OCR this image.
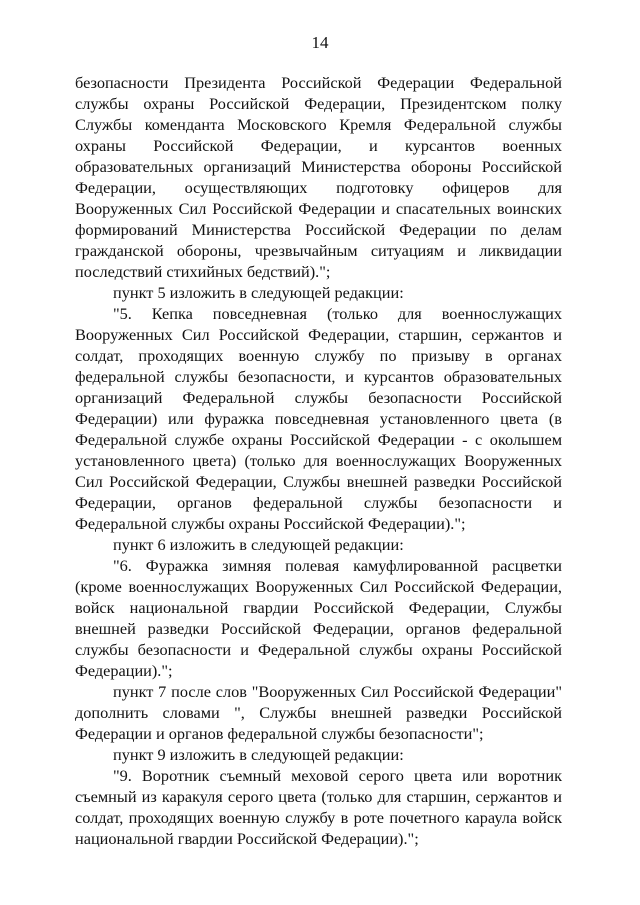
14

безопасности Президента Российской Федерации Федеральной службы охраны Российской Федерации, Президентском полку Службы коменданта Московского Кремля Федеральной службы охраны Российской Федерации, и курсантов военных образовательных организаций Министерства обороны Российской Федерации, осуществляющих подготовку офицеров для Вооруженных Сил Российской Федерации и спасательных воинских формирований Министерства Российской Федерации по делам гражданской обороны, чрезвычайным ситуациям и ликвидации последствий стихийных бедствий).";

пункт 5 изложить в следующей редакции:

"5. Кепка повседневная (только для военнослужащих Вооруженных Сил Российской Федерации, старшин, сержантов и солдат, проходящих военную службу по призыву в органах федеральной службы безопасности, и курсантов образовательных организаций Федеральной службы безопасности Российской Федерации) или фуражка повседневная установленного цвета (в Федеральной службе охраны Российской Федерации - с околышем установленного цвета) (только для военнослужащих Вооруженных Сил Российской Федерации, Службы внешней разведки Российской Федерации, органов федеральной службы безопасности и Федеральной службы охраны Российской Федерации).";

пункт 6 изложить в следующей редакции:

"6. Фуражка зимняя полевая камуфлированной расцветки (кроме военнослужащих Вооруженных Сил Российской Федерации, войск национальной гвардии Российской Федерации, Службы внешней разведки Российской Федерации, органов федеральной службы безопасности и Федеральной службы охраны Российской Федерации).";

пункт 7 после слов "Вооруженных Сил Российской Федерации" дополнить словами ", Службы внешней разведки Российской Федерации и органов федеральной службы безопасности";

пункт 9 изложить в следующей редакции:

"9. Воротник съемный меховой серого цвета или воротник съемный из каракуля серого цвета (только для старшин, сержантов и солдат, проходящих военную службу в роте почетного караула войск национальной гвардии Российской Федерации).";
